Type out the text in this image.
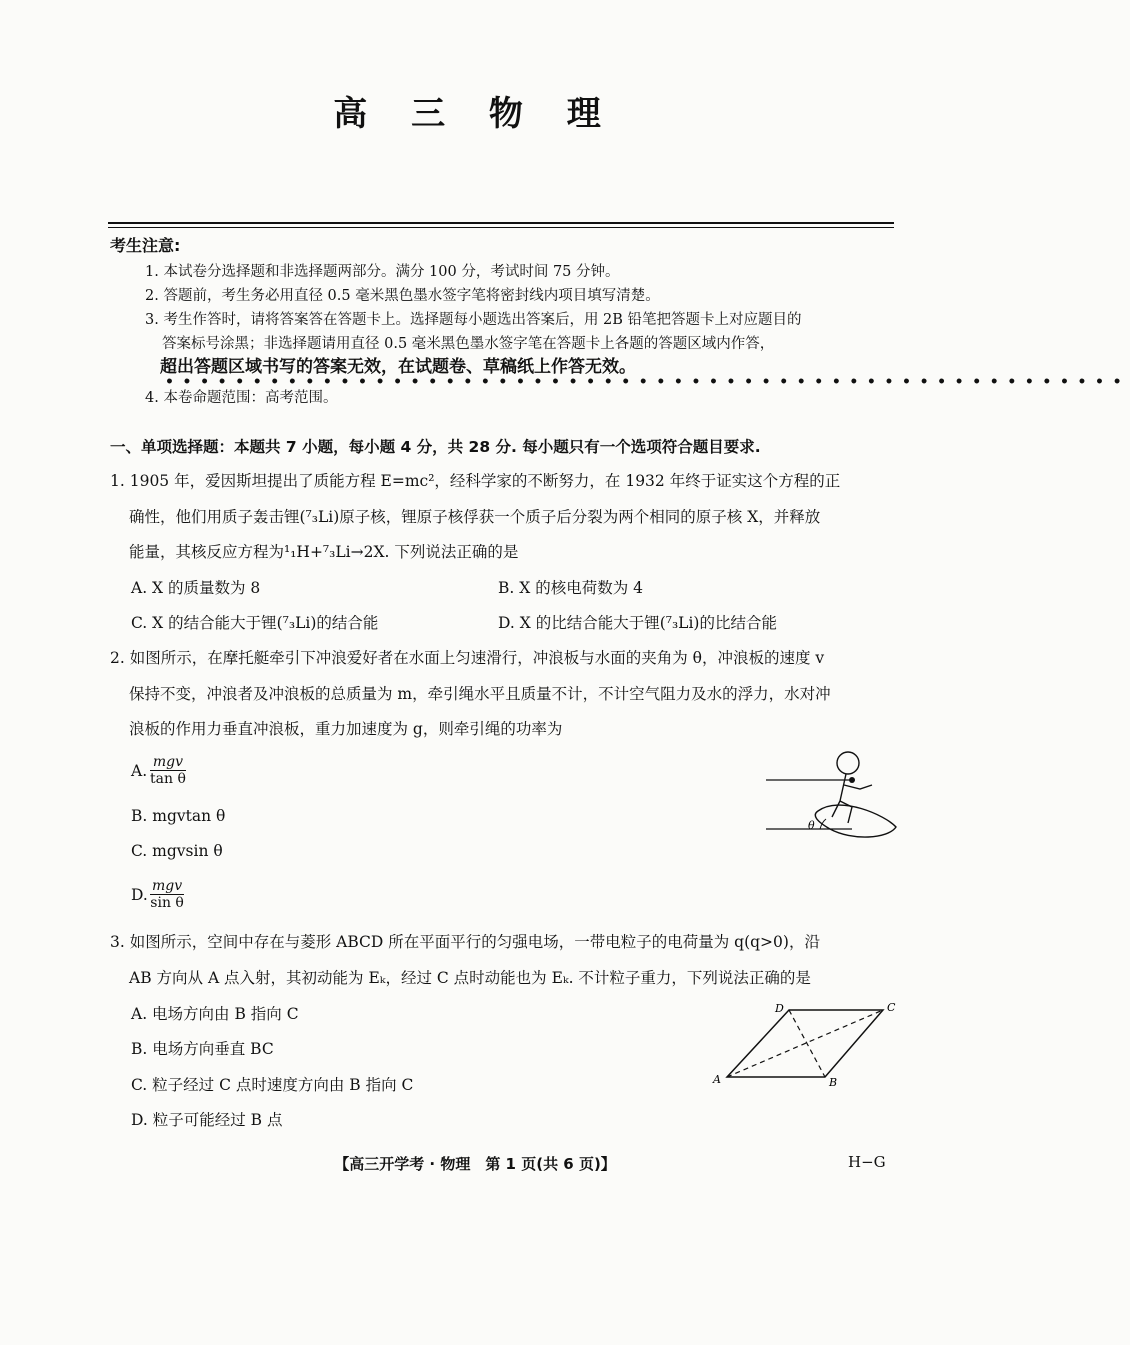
高 三 物 理
考生注意:
1. 本试卷分选择题和非选择题两部分。满分 100 分，考试时间 75 分钟。
2. 答题前，考生务必用直径 0.5 毫米黑色墨水签字笔将密封线内项目填写清楚。
3. 考生作答时，请将答案答在答题卡上。选择题每小题选出答案后，用 2B 铅笔把答题卡上对应题目的
答案标号涂黑；非选择题请用直径 0.5 毫米黑色墨水签字笔在答题卡上各题的答题区域内作答，
超出答题区域书写的答案无效，在试题卷、草稿纸上作答无效。
•••••••••••••••••••••••••••••••••••••••••••••••••••••••
4. 本卷命题范围：高考范围。
一、单项选择题：本题共 7 小题，每小题 4 分，共 28 分. 每小题只有一个选项符合题目要求.
1. 1905 年，爱因斯坦提出了质能方程 E=mc²，经科学家的不断努力，在 1932 年终于证实这个方程的正
确性，他们用质子轰击锂(⁷₃Li)原子核，锂原子核俘获一个质子后分裂为两个相同的原子核 X，并释放
能量，其核反应方程为¹₁H+⁷₃Li→2X. 下列说法正确的是
A. X 的质量数为 8	B. X 的核电荷数为 4
C. X 的结合能大于锂(⁷₃Li)的结合能	D. X 的比结合能大于锂(⁷₃Li)的比结合能
2. 如图所示，在摩托艇牵引下冲浪爱好者在水面上匀速滑行，冲浪板与水面的夹角为 θ，冲浪板的速度 v
保持不变，冲浪者及冲浪板的总质量为 m，牵引绳水平且质量不计，不计空气阻力及水的浮力，水对冲
浪板的作用力垂直冲浪板，重力加速度为 g，则牵引绳的功率为
A. mgv
tan θ
B. mgvtan θ
C. mgvsin θ
D. mgv
sin θ
θ
3. 如图所示，空间中存在与菱形 ABCD 所在平面平行的匀强电场，一带电粒子的电荷量为 q(q>0)，沿
AB 方向从 A 点入射，其初动能为 Eₖ，经过 C 点时动能也为 Eₖ. 不计粒子重力，下列说法正确的是
A. 电场方向由 B 指向 C
B. 电场方向垂直 BC
C. 粒子经过 C 点时速度方向由 B 指向 C
D. 粒子可能经过 B 点
A	B
C
D
【高三开学考 · 物理　第 1 页(共 6 页)】	H−G
